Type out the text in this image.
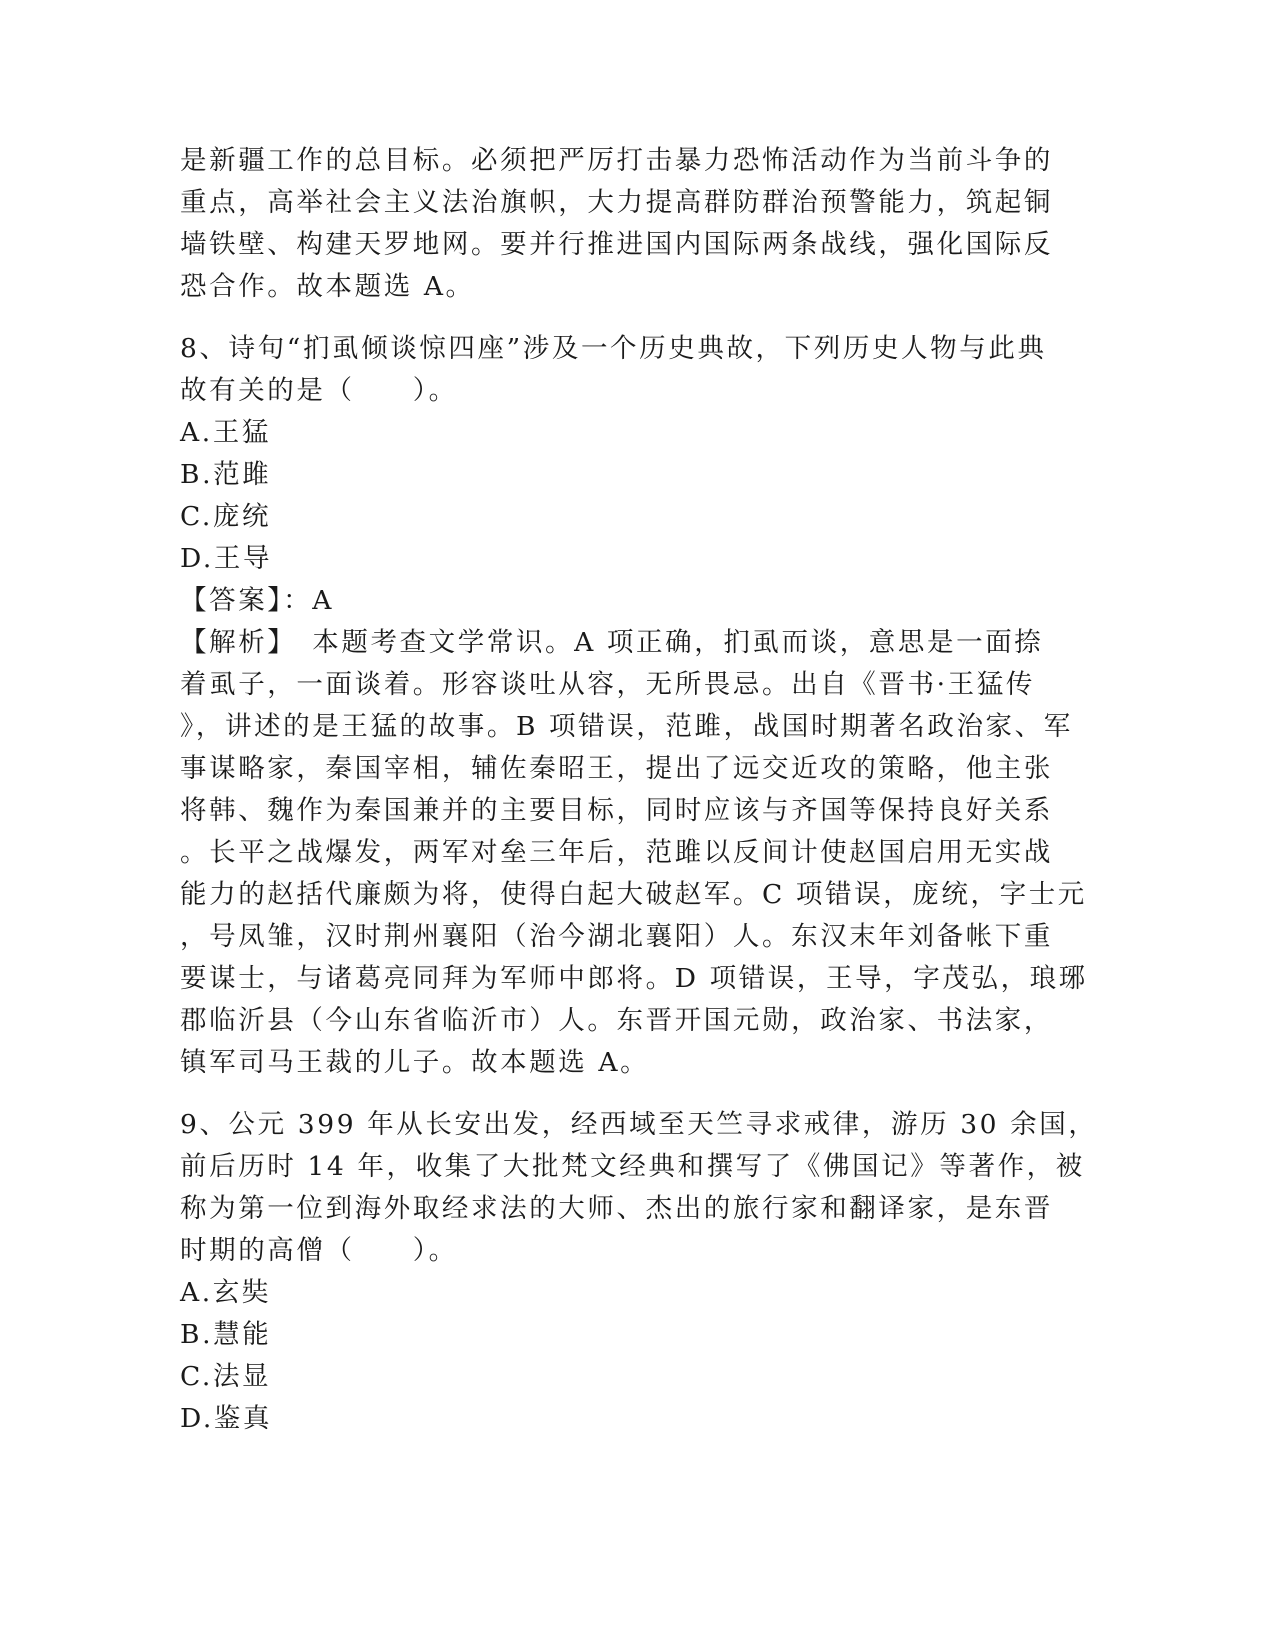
是新疆工作的总目标。必须把严厉打击暴力恐怖活动作为当前斗争的
重点，高举社会主义法治旗帜，大力提高群防群治预警能力，筑起铜
墙铁壁、构建天罗地网。要并行推进国内国际两条战线，强化国际反
恐合作。故本题选 A。
8、诗句“扪虱倾谈惊四座”涉及一个历史典故，下列历史人物与此典
故有关的是（　　）。
A.王猛
B.范雎
C.庞统
D.王导
【答案】：A
【解析】　本题考查文学常识。A 项正确，扪虱而谈，意思是一面捺
着虱子，一面谈着。形容谈吐从容，无所畏忌。出自《晋书·王猛传
》，讲述的是王猛的故事。B 项错误，范雎，战国时期著名政治家、军
事谋略家，秦国宰相，辅佐秦昭王，提出了远交近攻的策略，他主张
将韩、魏作为秦国兼并的主要目标，同时应该与齐国等保持良好关系
。长平之战爆发，两军对垒三年后，范雎以反间计使赵国启用无实战
能力的赵括代廉颇为将，使得白起大破赵军。C 项错误，庞统，字士元
，号凤雏，汉时荆州襄阳（治今湖北襄阳）人。东汉末年刘备帐下重
要谋士，与诸葛亮同拜为军师中郎将。D 项错误，王导，字茂弘，琅琊
郡临沂县（今山东省临沂市）人。东晋开国元勋，政治家、书法家，
镇军司马王裁的儿子。故本题选 A。
9、公元 399 年从长安出发，经西域至天竺寻求戒律，游历 30 余国，
前后历时 14 年，收集了大批梵文经典和撰写了《佛国记》等著作，被
称为第一位到海外取经求法的大师、杰出的旅行家和翻译家，是东晋
时期的高僧（　　）。
A.玄奘
B.慧能
C.法显
D.鉴真
